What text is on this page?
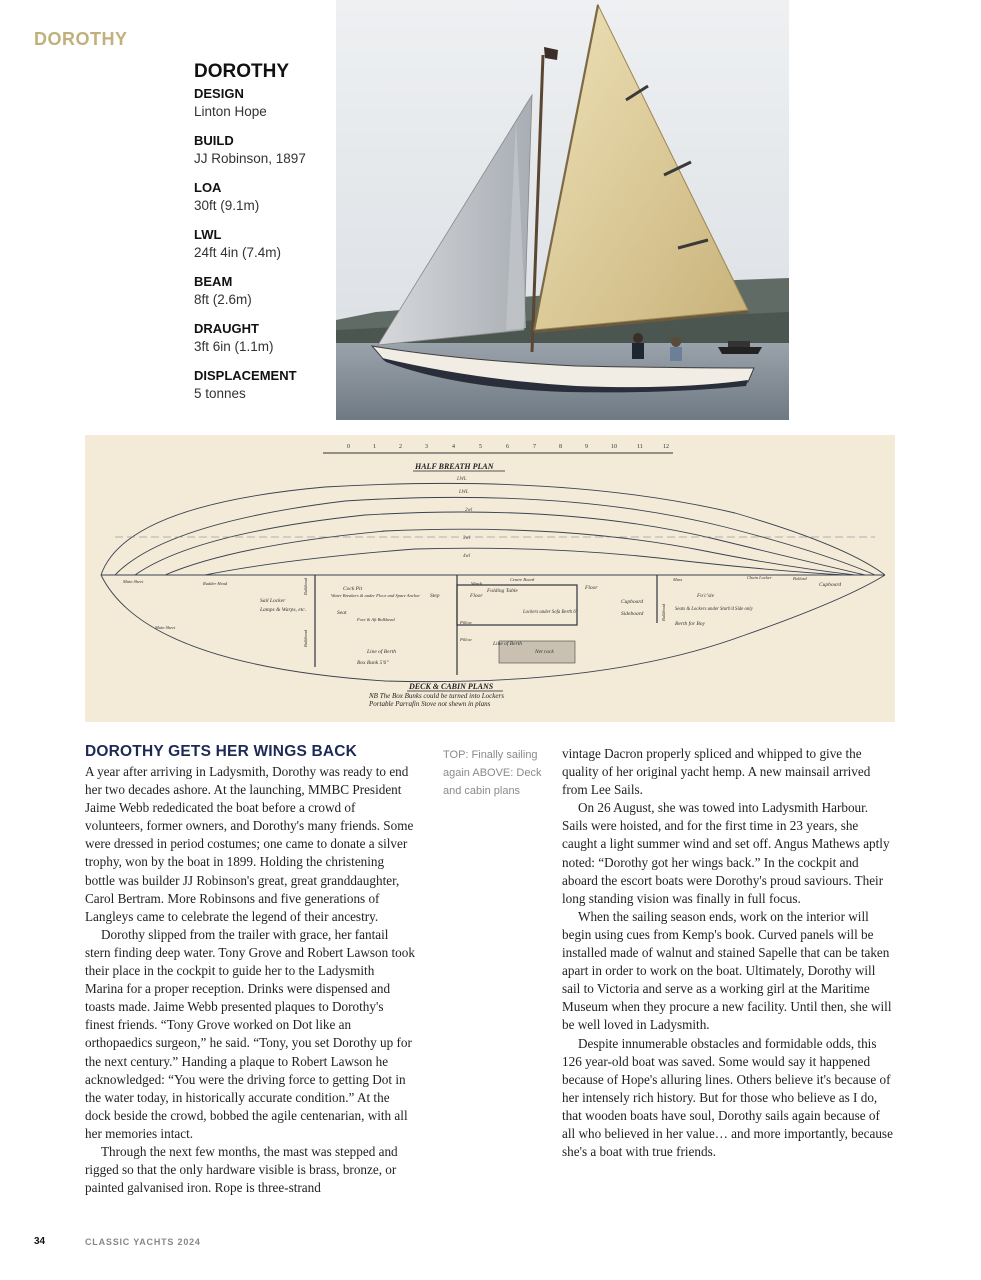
DOROTHY
DOROTHY
DESIGN
Linton Hope
BUILD
JJ Robinson, 1897
LOA
30ft (9.1m)
LWL
24ft 4in (7.4m)
BEAM
8ft (2.6m)
DRAUGHT
3ft 6in (1.1m)
DISPLACEMENT
5 tonnes
0	1	2	3	4	5	6	7	8	9	10	11	12
HALF BREATH PLAN
LWL
LWL
2wl
3wl
4wl
Sail Locker
Lamps & Warps, etc.
Cock Pit
Water Breakers & under Floor and Spare Anchor
Seat
Step	Floor
Folding Table
Lockers under Sofa Berth 6'
Floor
Cupboard
Sideboard
Fo'c'sle
Seats & Lockers under Starb'd Side only
Berth for Boy
Chain Locker	Bollard
Cupboard
Line of Berth
Box Bunk 5'6"
Line of Berth
Net rack
Bulkhead
Bulkhead
Rudder Head
Main Sheet
Pillow
Pillow
Winch
Centre Board	Mast
Bulkhead
Fore & Aft Bulkhead
Main Sheet
DECK & CABIN PLANS
NB The Box Bunks could be turned into Lockers
Portable Parrafin Stove not shewn in plans
DOROTHY GETS HER WINGS BACK

A year after arriving in Ladysmith, Dorothy was ready to end her two decades ashore. At the launching, MMBC President Jaime Webb rededicated the boat before a crowd of volunteers, former owners, and Dorothy's many friends. Some were dressed in period costumes; one came to donate a silver trophy, won by the boat in 1899. Holding the christening bottle was builder JJ Robinson's great, great granddaughter, Carol Bertram. More Robinsons and five generations of Langleys came to celebrate the legend of their ancestry.

Dorothy slipped from the trailer with grace, her fantail stern finding deep water. Tony Grove and Robert Lawson took their place in the cockpit to guide her to the Ladysmith Marina for a proper reception. Drinks were dispensed and toasts made. Jaime Webb presented plaques to Dorothy's finest friends. “Tony Grove worked on Dot like an orthopaedics surgeon,” he said. “Tony, you set Dorothy up for the next century.” Handing a plaque to Robert Lawson he acknowledged: “You were the driving force to getting Dot in the water today, in historically accurate condition.” At the dock beside the crowd, bobbed the agile centenarian, with all her memories intact.

Through the next few months, the mast was stepped and rigged so that the only hardware visible is brass, bronze, or painted galvanised iron. Rope is three-strand

TOP: Finally sailing again ABOVE: Deck and cabin plans

vintage Dacron properly spliced and whipped to give the quality of her original yacht hemp. A new mainsail arrived from Lee Sails.

On 26 August, she was towed into Ladysmith Harbour. Sails were hoisted, and for the first time in 23 years, she caught a light summer wind and set off. Angus Mathews aptly noted: “Dorothy got her wings back.” In the cockpit and aboard the escort boats were Dorothy's proud saviours. Their long standing vision was finally in full focus.

When the sailing season ends, work on the interior will begin using cues from Kemp's book. Curved panels will be installed made of walnut and stained Sapelle that can be taken apart in order to work on the boat. Ultimately, Dorothy will sail to Victoria and serve as a working girl at the Maritime Museum when they procure a new facility. Until then, she will be well loved in Ladysmith.

Despite innumerable obstacles and formidable odds, this 126 year-old boat was saved. Some would say it happened because of Hope's alluring lines. Others believe it's because of her intensely rich history. But for those who believe as I do, that wooden boats have soul, Dorothy sails again because of all who believed in her value… and more importantly, because she's a boat with true friends.

34	CLASSIC YACHTS 2024
